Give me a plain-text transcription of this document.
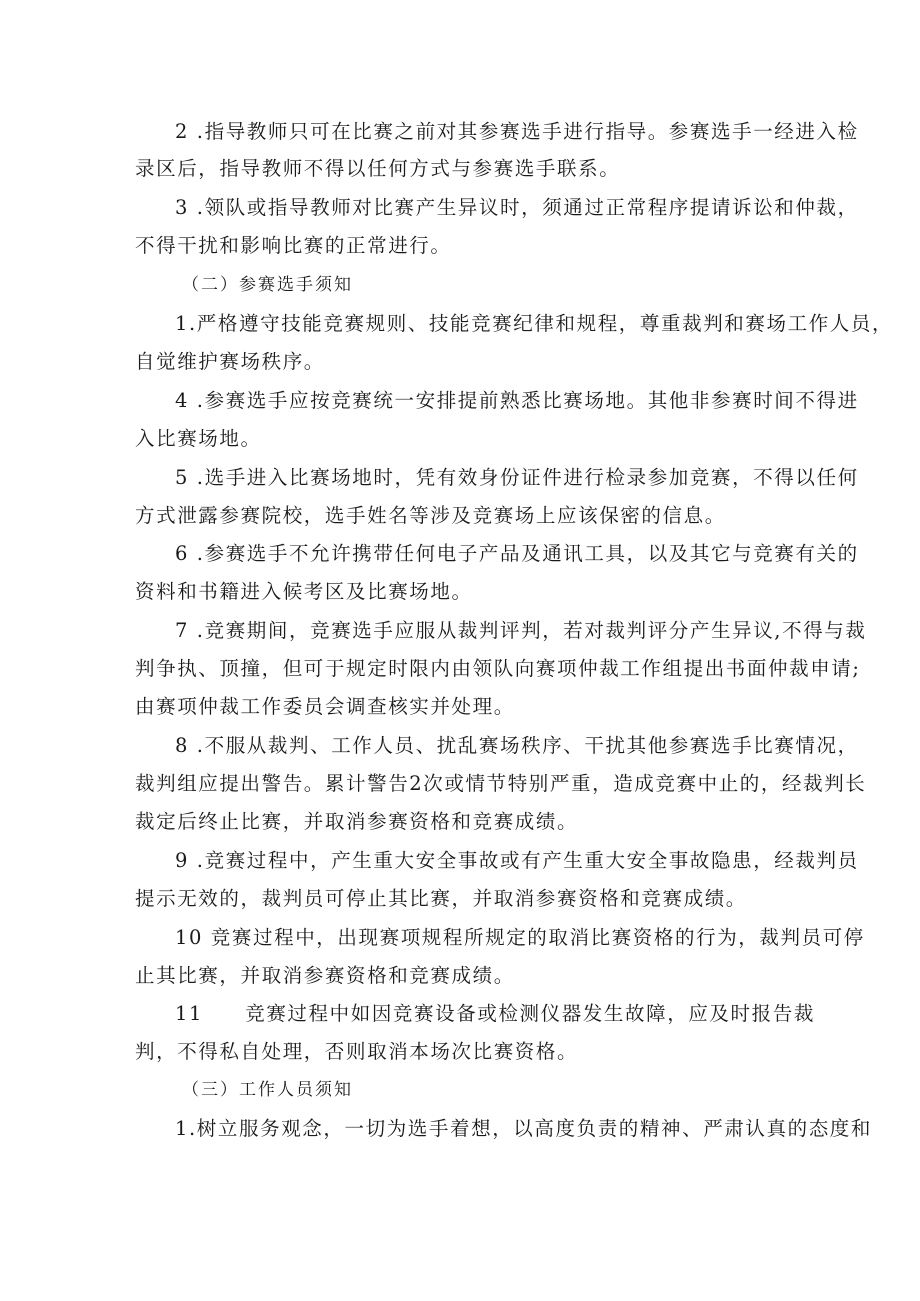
2 .指导教师只可在比赛之前对其参赛选手进行指导。参赛选手一经进入检
录区后，指导教师不得以任何方式与参赛选手联系。
3 .领队或指导教师对比赛产生异议时，须通过正常程序提请诉讼和仲裁，
不得干扰和影响比赛的正常进行。
（二）参赛选手须知
1.严格遵守技能竞赛规则、技能竞赛纪律和规程，尊重裁判和赛场工作人员，
自觉维护赛场秩序。
4 .参赛选手应按竞赛统一安排提前熟悉比赛场地。其他非参赛时间不得进
入比赛场地。
5 .选手进入比赛场地时，凭有效身份证件进行检录参加竞赛，不得以任何
方式泄露参赛院校，选手姓名等涉及竞赛场上应该保密的信息。
6 .参赛选手不允许携带任何电子产品及通讯工具，以及其它与竞赛有关的
资料和书籍进入候考区及比赛场地。
7 .竞赛期间，竞赛选手应服从裁判评判，若对裁判评分产生异议,不得与裁
判争执、顶撞，但可于规定时限内由领队向赛项仲裁工作组提出书面仲裁申请;
由赛项仲裁工作委员会调查核实并处理。
8 .不服从裁判、工作人员、扰乱赛场秩序、干扰其他参赛选手比赛情况，
裁判组应提出警告。累计警告2次或情节特别严重，造成竞赛中止的，经裁判长
裁定后终止比赛，并取消参赛资格和竞赛成绩。
9 .竞赛过程中，产生重大安全事故或有产生重大安全事故隐患，经裁判员
提示无效的，裁判员可停止其比赛，并取消参赛资格和竞赛成绩。
10 竞赛过程中，出现赛项规程所规定的取消比赛资格的行为，裁判员可停
止其比赛，并取消参赛资格和竞赛成绩。
11　　竞赛过程中如因竞赛设备或检测仪器发生故障，应及时报告裁
判，不得私自处理，否则取消本场次比赛资格。
（三）工作人员须知
1.树立服务观念，一切为选手着想，以高度负责的精神、严肃认真的态度和
